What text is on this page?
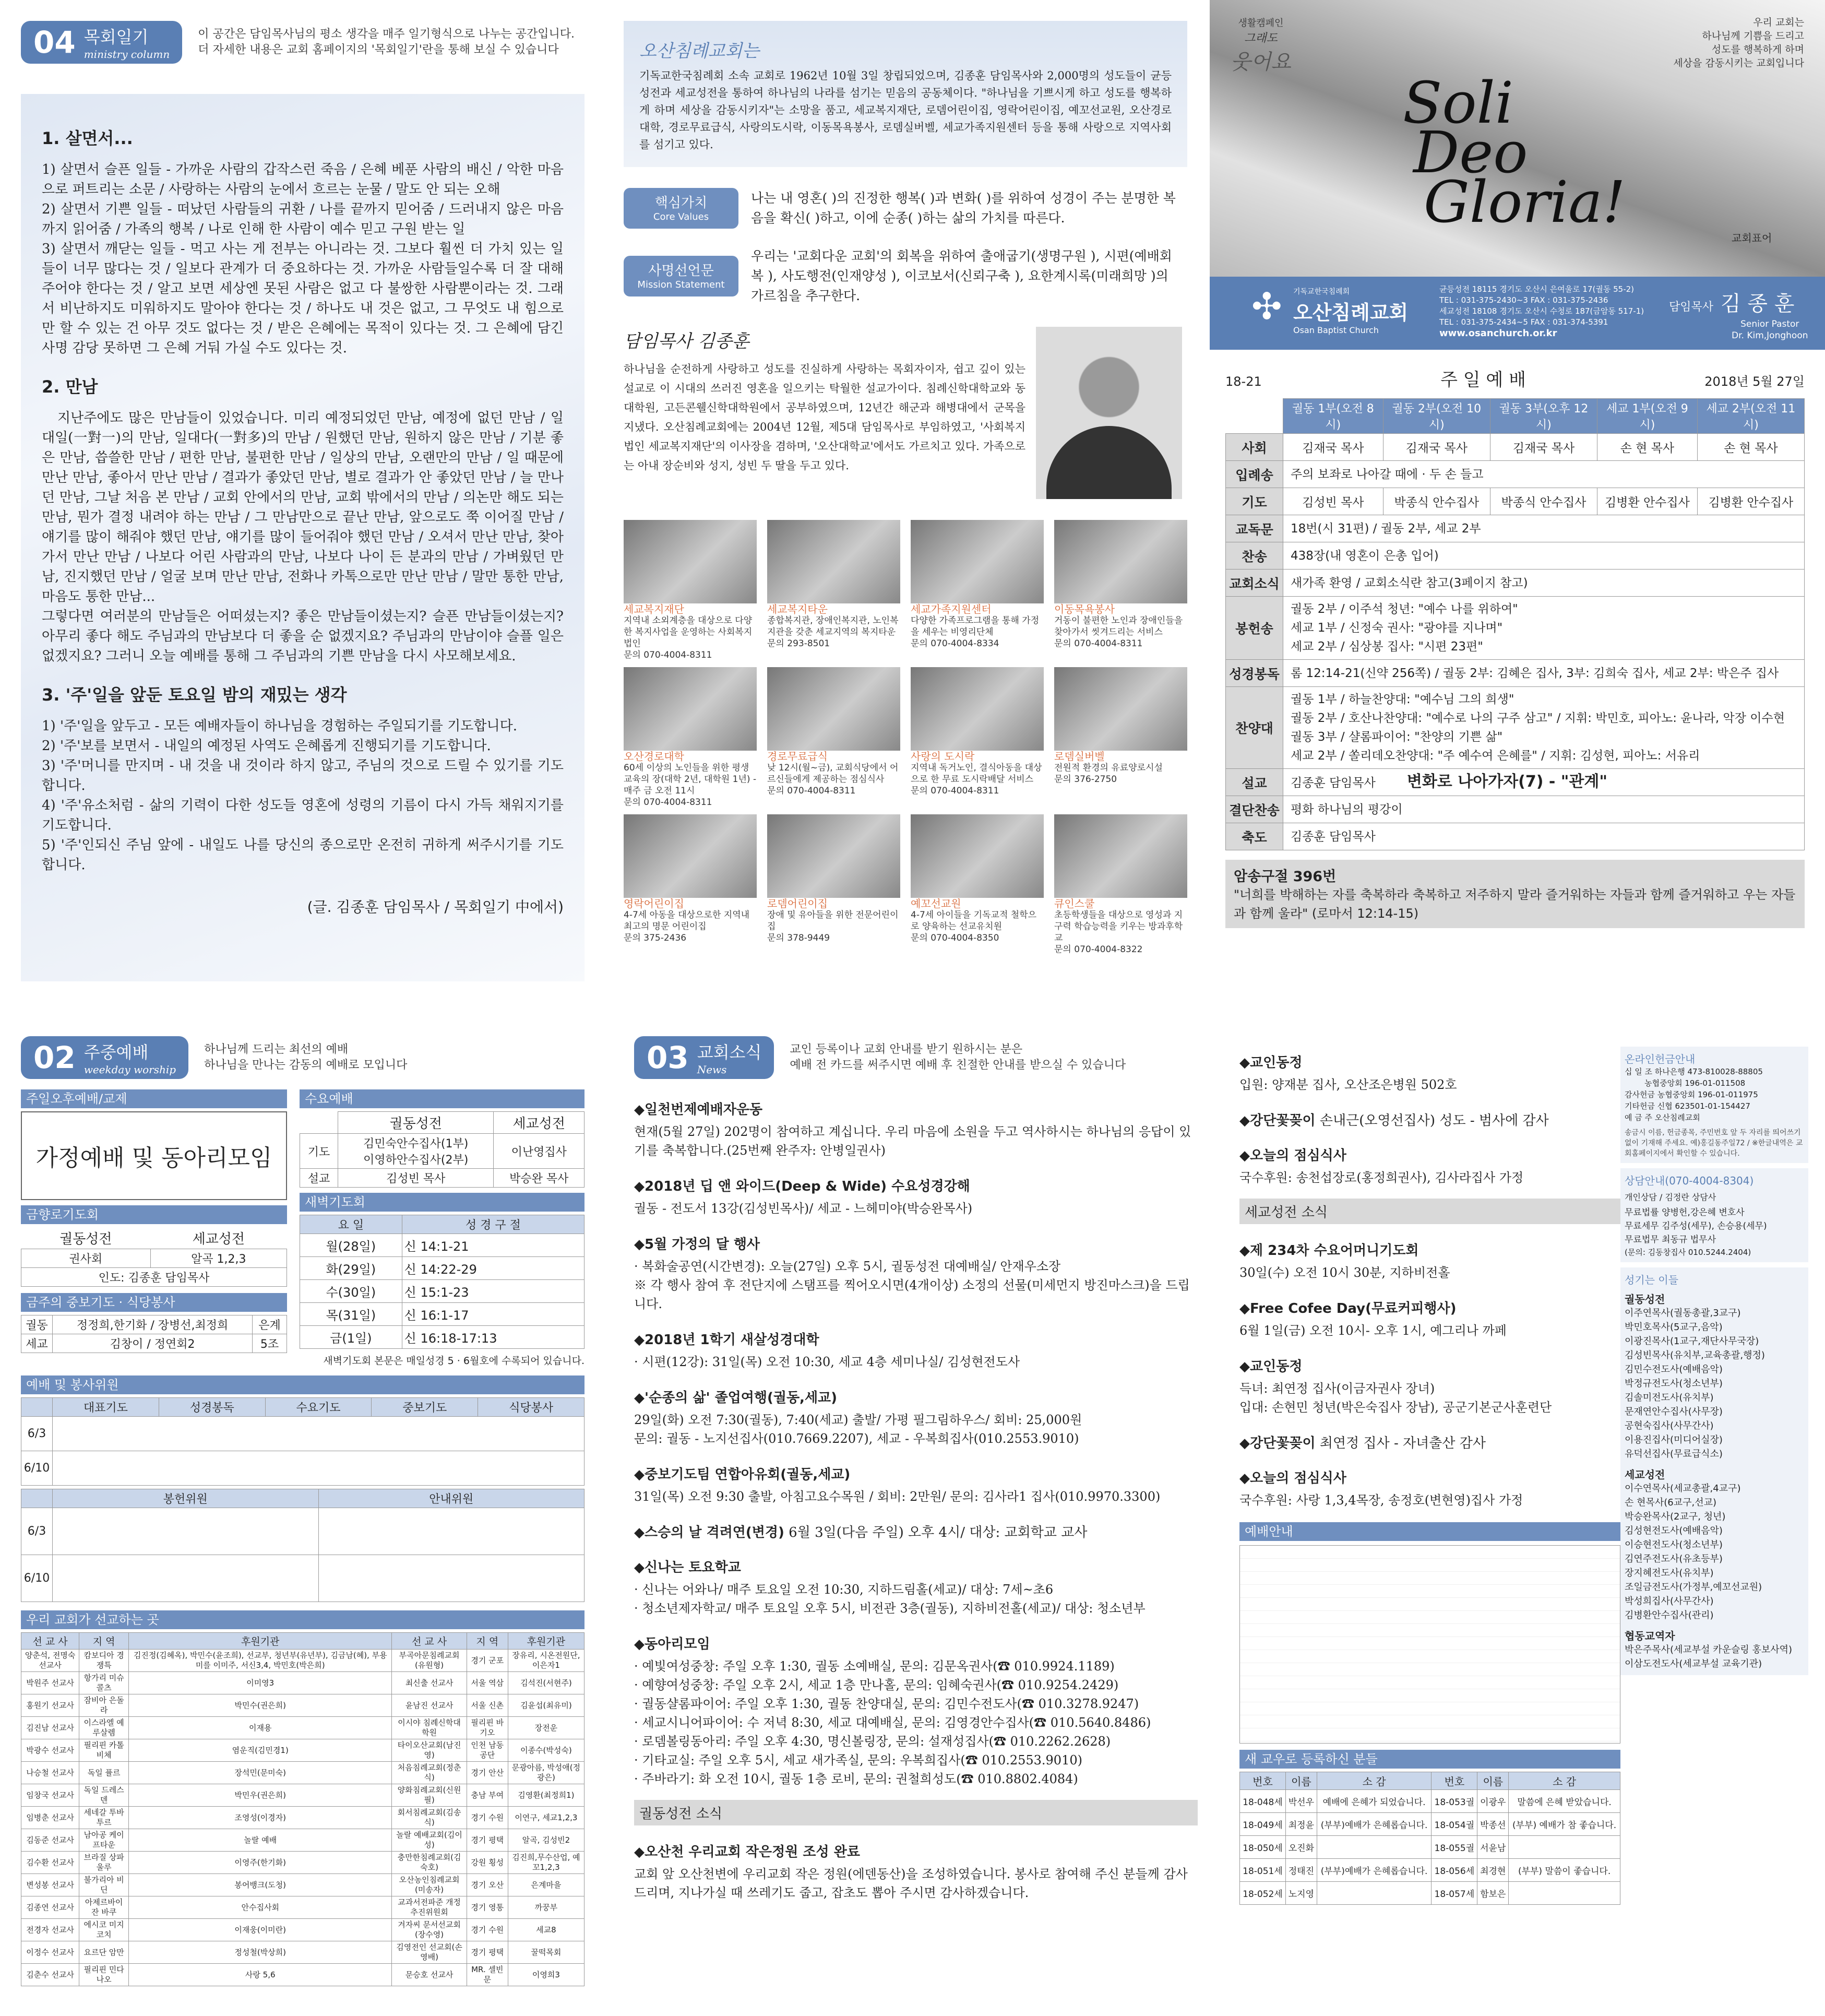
04 목회일기
ministry column
이 공간은 담임목사님의 평소 생각을 매주 일기형식으로 나누는 공간입니다.
더 자세한 내용은 교회 홈페이지의 '목회일기'란을 통해 보실 수 있습니다
1. 살면서...

1) 살면서 슬픈 일들 - 가까운 사람의 갑작스런 죽음 / 은혜 베푼 사람의 배신 / 악한 마음으로 퍼트리는 소문 / 사랑하는 사람의 눈에서 흐르는 눈물 / 말도 안 되는 오해
2) 살면서 기쁜 일들 - 떠났던 사람들의 귀환 / 나를 끝까지 믿어줌 / 드러내지 않은 마음까지 읽어줌 / 가족의 행복 / 나로 인해 한 사람이 예수 믿고 구원 받는 일
3) 살면서 깨닫는 일들 - 먹고 사는 게 전부는 아니라는 것. 그보다 훨씬 더 가치 있는 일들이 너무 많다는 것 / 일보다 관계가 더 중요하다는 것. 가까운 사람들일수록 더 잘 대해주어야 한다는 것 / 알고 보면 세상엔 못된 사람은 없고 다 불쌍한 사람뿐이라는 것. 그래서 비난하지도 미워하지도 말아야 한다는 것 / 하나도 내 것은 없고, 그 무엇도 내 힘으로만 할 수 있는 건 아무 것도 없다는 것 / 받은 은혜에는 목적이 있다는 것. 그 은혜에 담긴 사명 감당 못하면 그 은혜 거둬 가실 수도 있다는 것.

2. 만남

지난주에도 많은 만남들이 있었습니다. 미리 예정되었던 만남, 예정에 없던 만남 / 일대일(一對一)의 만남, 일대다(一對多)의 만남 / 원했던 만남, 원하지 않은 만남 / 기분 좋은 만남, 씁쓸한 만남 / 편한 만남, 불편한 만남 / 일상의 만남, 오랜만의 만남 / 일 때문에 만난 만남, 좋아서 만난 만남 / 결과가 좋았던 만남, 별로 결과가 안 좋았던 만남 / 늘 만나던 만남, 그날 처음 본 만남 / 교회 안에서의 만남, 교회 밖에서의 만남 / 의논만 해도 되는 만남, 뭔가 결정 내려야 하는 만남 / 그 만남만으로 끝난 만남, 앞으로도 쭉 이어질 만남 / 얘기를 많이 해줘야 했던 만남, 얘기를 많이 들어줘야 했던 만남 / 오셔서 만난 만남, 찾아가서 만난 만남 / 나보다 어린 사람과의 만남, 나보다 나이 든 분과의 만남 / 가벼웠던 만남, 진지했던 만남 / 얼굴 보며 만난 만남, 전화나 카톡으로만 만난 만남 / 말만 통한 만남, 마음도 통한 만남...
그렇다면 여러분의 만남들은 어떠셨는지? 좋은 만남들이셨는지? 슬픈 만남들이셨는지? 아무리 좋다 해도 주님과의 만남보다 더 좋을 순 없겠지요? 주님과의 만남이야 슬플 일은 없겠지요? 그러니 오늘 예배를 통해 그 주님과의 기쁜 만남을 다시 사모해보세요.

3. '주'일을 앞둔 토요일 밤의 재밌는 생각

1) '주'일을 앞두고 - 모든 예배자들이 하나님을 경험하는 주일되기를 기도합니다.
2) '주'보를 보면서 - 내일의 예정된 사역도 은혜롭게 진행되기를 기도합니다.
3) '주'머니를 만지며 - 내 것을 내 것이라 하지 않고, 주님의 것으로 드릴 수 있기를 기도합니다.
4) '주'유소처럼 - 삶의 기력이 다한 성도들 영혼에 성령의 기름이 다시 가득 채워지기를 기도합니다.
5) '주'인되신 주님 앞에 - 내일도 나를 당신의 종으로만 온전히 귀하게 써주시기를 기도합니다.

(글. 김종훈 담임목사 / 목회일기 中에서)
오산침례교회는

기독교한국침례회 소속 교회로 1962년 10월 3일 창립되었으며, 김종훈 담임목사와 2,000명의 성도들이 균등성전과 세교성전을 통하여 하나님의 나라를 섬기는 믿음의 공동체이다. "하나님을 기쁘시게 하고 성도를 행복하게 하며 세상을 감동시키자"는 소망을 품고, 세교복지재단, 로뎀어린이집, 영락어린이집, 예꼬선교원, 오산경로대학, 경로무료급식, 사랑의도시락, 이동목욕봉사, 로뎀실버벨, 세교가족지원센터 등을 통해 사랑으로 지역사회를 섬기고 있다.

핵심가치
Core Values

나는 내 영혼( )의 진정한 행복( )과 변화( )를 위하여 성경이 주는 분명한 복음을 확신( )하고, 이에 순종( )하는 삶의 가치를 따른다.

사명선언문
Mission Statement

우리는 '교회다운 교회'의 회복을 위하여 출애굽기(생명구원 ), 시편(예배회복 ), 사도행전(인재양성 ), 이코보서(신뢰구축 ), 요한계시록(미래희망 )의 가르침을 추구한다.

담임목사 김종훈

하나님을 순전하게 사랑하고 성도를 진실하게 사랑하는 목회자이자, 쉽고 깊이 있는 설교로 이 시대의 쓰러진 영혼을 일으키는 탁월한 설교가이다. 침례신학대학교와 동대학원, 고든콘웰신학대학원에서 공부하였으며, 12년간 해군과 해병대에서 군목을 지냈다. 오산침례교회에는 2004년 12월, 제5대 담임목사로 부임하였고, '사회복지법인 세교복지재단'의 이사장을 겸하며, '오산대학교'에서도 가르치고 있다. 가족으로는 아내 장순비와 성지, 성빈 두 딸을 두고 있다.

세교복지재단
지역내 소외계층을 대상으로 다양한 복지사업을 운영하는 사회복지법인
문의 070-4004-8311
세교복지타운
종합복지관, 장애인복지관, 노인복지관을 갖춘 세교지역의 복지타운
문의 293-8501
세교가족지원센터
다양한 가족프로그램을 통해 가정을 세우는 비영리단체
문의 070-4004-8334
이동목욕봉사
거동이 불편한 노인과 장애인들을 찾아가서 씻겨드리는 서비스
문의 070-4004-8311
오산경로대학
60세 이상의 노인들을 위한 평생교육의 장(대학 2년, 대학원 1년) - 매주 금 오전 11시
문의 070-4004-8311
경로무료급식
낮 12시(월~금), 교회식당에서 어르신들에게 제공하는 점심식사
문의 070-4004-8311
사랑의 도시락
지역내 독거노인, 결식아동을 대상으로 한 무료 도시락배달 서비스
문의 070-4004-8311
로뎀실버벨
전원적 환경의 유료양로시설
문의 376-2750
영락어린이집
4-7세 아동을 대상으로한 지역내 최고의 명문 어린이집
문의 375-2436
로뎀어린이집
장애 및 유아들을 위한 전문어린이집
문의 378-9449
예꼬선교원
4-7세 아이들을 기독교적 철학으로 양육하는 선교유치원
문의 070-4004-8350
큐인스쿨
초등학생들을 대상으로 영성과 지구력 학습능력을 키우는 방과후학교
문의 070-4004-8322
생활캠페인
그래도
웃어요
우리 교회는
하나님께 기쁨을 드리고
성도를 행복하게 하며
세상을 감동시키는 교회입니다
Soli
Deo
Gloria!
교회표어
✣ 기독교한국침례회
오산침례교회
Osan Baptist Church
균등성전 18115 경기도 오산시 은여울로 17(궐동 55-2)
TEL : 031-375-2430~3 FAX : 031-375-2436
세교성전 18108 경기도 오산시 수청로 187(금암동 517-1)
TEL : 031-375-2434~5 FAX : 031-374-5391
www.osanchurch.or.kr
담임목사 김 종 훈
Senior Pastor
Dr. Kim,Jonghoon
18-21	주 일 예 배	2018년 5월 27일
	궐동 1부(오전 8시)	궐동 2부(오전 10시)	궐동 3부(오후 12시)	세교 1부(오전 9시)	세교 2부(오전 11시)
사회	김재국 목사	김재국 목사	김재국 목사	손 현 목사	손 현 목사
입례송	주의 보좌로 나아갈 때에 · 두 손 들고				
기도	김성빈 목사	박종식 안수집사	박종식 안수집사	김병환 안수집사	김병환 안수집사
교독문	18번(시 31편) / 궐동 2부, 세교 2부				
찬송	438장(내 영혼이 은총 입어)				
교회소식	새가족 환영 / 교회소식란 참고(3페이지 참고)				
봉헌송	궐동 2부 / 이주석 청년: "예수 나를 위하여"
세교 1부 / 신정숙 권사: "광야를 지나며"
세교 2부 / 심상봉 집사: "시편 23편"				
성경봉독	롬 12:14-21(신약 256쪽) / 궐동 2부: 김혜은 집사, 3부: 김희숙 집사, 세교 2부: 박은주 집사				
찬양대	궐동 1부 / 하늘찬양대: "예수님 그의 희생"
궐동 2부 / 호산나찬양대: "예수로 나의 구주 삼고" / 지휘: 박민호, 피아노: 윤나라, 악장 이수현
궐동 3부 / 샬롬파이어: "찬양의 기쁜 삶"
세교 2부 / 쏠리데오찬양대: "주 예수여 은혜를" / 지휘: 김성현, 피아노: 서유리				
설교	김종훈 담임목사 변화로 나아가자(7) - "관계"				
결단찬송	평화 하나님의 평강이				
축도	김종훈 담임목사				
암송구절 396번
"너희를 박해하는 자를 축복하라 축복하고 저주하지 말라 즐거워하는 자들과 함께 즐거워하고 우는 자들과 함께 울라" (로마서 12:14-15)
02 주중예배
weekday worship
하나님께 드리는 최선의 예배
하나님을 만나는 감동의 예배로 모입니다
주일오후예배/교제
가정예배 및 동아리모임
금향로기도회
궐동성전	세교성전
권사회	알곡 1,2,3
인도: 김종훈 담임목사	
금주의 중보기도 · 식당봉사
궐동	정정희,한기화 / 장병선,최정희	은계
세교	김창이 / 정연회2	5조
수요예배
	궐동성전	세교성전
기도	김민숙안수집사(1부)
이영하안수집사(2부)	이난영집사
설교	김성빈 목사	박승완 목사
새벽기도회
요 일	성 경 구 절
월(28일)	신 14:1-21
화(29일)	신 14:22-29
수(30일)	신 15:1-23
목(31일)	신 16:1-17
금(1일)	신 16:18-17:13
새벽기도회 본문은 매일성경 5 · 6월호에 수록되어 있습니다.
예배 및 봉사위원
	대표기도	성경봉독	수요기도	중보기도	식당봉사
6/3					
6/10					
	봉헌위원	안내위원
6/3		
6/10		
우리 교회가 선교하는 곳
선 교 사	지 역	후원기관	선 교 사	지 역	후원기관
양춘석, 전명숙 선교사	캄보디아 경쟁특	김진정(김혜옥), 박민수(윤조희), 선교부, 청년부(유년부), 김금남(혜), 부용미를 이미주, 서신3,4, 박민호(박은희)	부곡아문침례교회(유원형)	경기 군포	장유리, 시온전원단, 이은자1
박원주 선교사	항가리 미슈콜츠	이미영3	최신출 선교사	서울 역삼	김석진(서현주)
홍원기 선교사	잠비아 은돌라	박민수(권은희)	윤남진 선교사	서울 신촌	김윤섭(최유미)
김진남 선교사	이스라엘 예루살렘	이재용	이시야 침례신학대학원	필리핀 바기오	장전운
박광수 선교사	필리핀 카톨비체	염운직(김민경1)	타이오산교회(남진영)	인천 남동공단	이종수(박성숙)
나승철 선교사	독일 퓰르	장석민(문미숙)	처음침례교회(정춘식)	경기 안산	문광아름, 박성애(정광은)
임창국 선교사	독일 드레스덴	박민우(권은희)	양화침례교회(신원필)	충남 부여	김영환(최정희1)
임병춘 선교사	세네갈 투바투르	조영성(이경자)	회서침례교회(김송식)	경기 수원	이연구, 세교1,2,3
김동준 선교사	남아공 케이프타운	놀랄 예배	놀랄 예배교회(김이성)	경기 평택	알곡, 김성빈2
김수환 선교사	브라질 상파울루	이영주(한기화)	충만한침례교회(김숙호)	강원 횡성	김진희,무수산업, 예꼬1,2,3
변성봉 선교사	불가리아 비딘	봉어뱅크(도청)	오산농인침례교회(미송자)	경기 오산	은계마을
김종연 선교사	아제르바이잔 바쿠	안수집사회	교과서전파준 개정추진위원회	경기 영통	까꿍부
전경자 선교사	에시코 미지코치	이재웅(이미란)	겨자씨 문서선교회(장수영)	경기 수원	세교8
이정수 선교사	요르단 암만	정성철(박상희)	김영전인 선교회(손영배)	경기 평택	꿀떡목회
김춘수 선교사	필리핀 민다나오	사랑 5,6	문승호 선교사	MR. 셀빈문	이영희3
03 교회소식
News
교인 등록이나 교회 안내를 받기 원하시는 분은
예배 전 카드를 써주시면 예배 후 친절한 안내를 받으실 수 있습니다
◆일천번제예배자운동

현재(5월 27일) 202명이 참여하고 계십니다. 우리 마음에 소원을 두고 역사하시는 하나님의 응답이 있기를 축복합니다.(25번째 완주자: 안병일권사)

◆2018년 딥 앤 와이드(Deep & Wide) 수요성경강해

궐동 - 전도서 13강(김성빈목사)/ 세교 - 느헤미야(박승완목사)

◆5월 가정의 달 행사

· 복화술공연(시간변경): 오늘(27일) 오후 5시, 궐동성전 대예배실/ 안재우소장
※ 각 행사 참여 후 전단지에 스탬프를 찍어오시면(4개이상) 소정의 선물(미세먼지 방진마스크)을 드립니다.

◆2018년 1학기 새살성경대학

· 시편(12강): 31일(목) 오전 10:30, 세교 4층 세미나실/ 김성현전도사

◆'순종의 삶' 졸업여행(궐동,세교)

29일(화) 오전 7:30(궐동), 7:40(세교) 출발/ 가평 필그림하우스/ 회비: 25,000원
문의: 궐동 - 노지선집사(010.7669.2207), 세교 - 우복희집사(010.2553.9010)

◆중보기도팀 연합아유회(궐동,세교)

31일(목) 오전 9:30 출발, 아침고요수목원 / 회비: 2만원/ 문의: 김사라1 집사(010.9970.3300)

◆스승의 날 격려연(변경) 6월 3일(다음 주일) 오후 4시/ 대상: 교회학교 교사
◆신나는 토요학교

· 신나는 어와나/ 매주 토요일 오전 10:30, 지하드림홀(세교)/ 대상: 7세~초6
· 청소년제자학교/ 매주 토요일 오후 5시, 비전관 3층(궐동), 지하비전홀(세교)/ 대상: 청소년부

◆동아리모임

· 예빛여성중창: 주일 오후 1:30, 궐동 소예배실, 문의: 김문옥권사(☎ 010.9924.1189)
· 예향여성중창: 주일 오후 2시, 세교 1층 만나홀, 문의: 임혜숙권사(☎ 010.9254.2429)
· 궐동샬롬파이어: 주일 오후 1:30, 궐동 찬양대실, 문의: 김민수전도사(☎ 010.3278.9247)
· 세교시니어파이어: 수 저녁 8:30, 세교 대예배실, 문의: 김영경안수집사(☎ 010.5640.8486)
· 로뎀볼링동아리: 주일 오후 4:30, 명신볼링장, 문의: 설재성집사(☎ 010.2262.2628)
· 기타교실: 주일 오후 5시, 세교 새가족실, 문의: 우복희집사(☎ 010.2553.9010)
· 주바라기: 화 오전 10시, 궐동 1층 로비, 문의: 권철희성도(☎ 010.8802.4084)

궐동성전 소식
◆오산천 우리교회 작은정원 조성 완료

교회 앞 오산천변에 우리교회 작은 정원(에덴동산)을 조성하였습니다. 봉사로 참여해 주신 분들께 감사드리며, 지나가실 때 쓰레기도 줍고, 잡초도 뽑아 주시면 감사하겠습니다.

◆교인동정

입원: 양재분 집사, 오산조은병원 502호

◆강단꽃꽂이 손내근(오영선집사) 성도 - 범사에 감사
◆오늘의 점심식사

국수후원: 송천섭장로(홍정희권사), 김사라집사 가정

세교성전 소식
◆제 234차 수요어머니기도회

30일(수) 오전 10시 30분, 지하비전홀

◆Free Cofee Day(무료커피행사)

6월 1일(금) 오전 10시- 오후 1시, 예그리나 까페

◆교인동정

득녀: 최연정 집사(이금자권사 장녀)
입대: 손현민 청년(박은숙집사 장남), 공군기본군사훈련단

◆강단꽃꽂이 최연정 집사 - 자녀출산 감사
◆오늘의 점심식사

국수후원: 사랑 1,3,4목장, 송정호(변현영)집사 가정

예배안내
새 교우로 등록하신 분들
번호	이름	소 감	번호	이름	소 감
18-048세	박선우	예배에 은혜가 되었습니다.	18-053궐	이광우	말씀에 은혜 받았습니다.
18-049세	최정윤	(부부)예배가 은혜롭습니다.	18-054궐	박종선	(부부) 예배가 참 좋습니다.
18-050세	오진화		18-055궐	서윤남	
18-051세	정태진	(부부)예배가 은혜롭습니다.	18-056세	최경현	(부부) 말씀이 좋습니다.
18-052세	노지영		18-057세	함보은	
온라인헌금안내
십 일 조 하나은행 473-810028-88805
농협중앙회 196-01-011508
감사헌금 농협중앙회 196-01-011975
기타헌금 신협 623501-01-154427
예 금 주 오산침례교회
송금시 이름, 헌금종목, 주민번호 앞 두 자리를 띄어쓰기 없이 기재해 주세요. 예)홍길동주일72 / ※한글내역은 교회홈페이지에서 확인할 수 있습니다.
상담안내(070-4004-8304)
개인상담 / 김정란 상담사
무료법률 양병헌,강은혜 변호사
무료세무 김주성(세무), 손승용(세무)
무료법무 최동규 법무사
(문의: 김동창집사 010.5244.2404)
성기는 이들
궐동성전
이주연목사(궐동총괄,3교구)
박민호목사(5교구,음악)
이광진목사(1교구,재단사무국장)
김성빈목사(유치부,교육총괄,행정)
김민수전도사(예배음악)
박정규전도사(청소년부)
김솔미전도사(유치부)
문재연안수집사(사무장)
공현숙집사(사무간사)
이용진집사(미디어실장)
유덕선집사(무료급식소)
세교성전
이수연목사(세교총괄,4교구)
손 현목사(6교구,선교)
박승완목사(2교구, 청년)
김성현전도사(예배음악)
이승현전도사(청소년부)
김연주전도사(유초등부)
장지혜전도사(유치부)
조일금전도사(가정부,예꼬선교원)
박성희집사(사무간사)
김병환안수집사(관리)
협동교역자
박은주목사(세교부설 카운슬링 홍보사역)
이삼도전도사(세교부설 교육기관)
